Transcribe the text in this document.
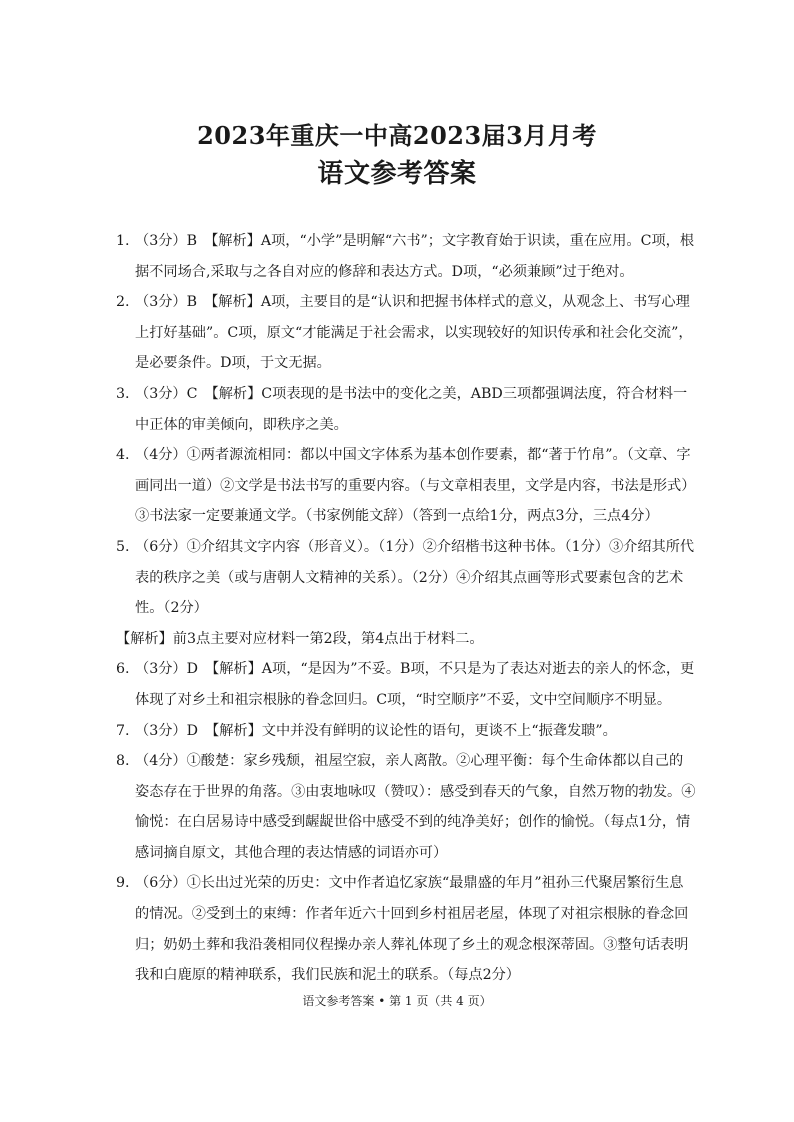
2023年重庆一中高2023届3月月考
语文参考答案
1. （3分）B　【解析】A项，“小学”是明解“六书”；文字教育始于识读，重在应用。C项，根据不同场合,采取与之各自对应的修辞和表达方式。D项，“必须兼顾”过于绝对。
2. （3分）B　【解析】A项，主要目的是“认识和把握书体样式的意义，从观念上、书写心理上打好基础”。C项，原文“才能满足于社会需求，以实现较好的知识传承和社会化交流”，是必要条件。D项，于文无据。
3. （3分）C　【解析】C项表现的是书法中的变化之美，ABD三项都强调法度，符合材料一中正体的审美倾向，即秩序之美。
4. （4分）①两者源流相同：都以中国文字体系为基本创作要素，都“著于竹帛”。（文章、字画同出一道）②文学是书法书写的重要内容。（与文章相表里，文学是内容，书法是形式）③书法家一定要兼通文学。（书家例能文辞）（答到一点给1分，两点3分，三点4分）
5. （6分）①介绍其文字内容（形音义）。（1分）②介绍楷书这种书体。（1分）③介绍其所代表的秩序之美（或与唐朝人文精神的关系）。（2分）④介绍其点画等形式要素包含的艺术性。（2分）
【解析】前3点主要对应材料一第2段，第4点出于材料二。
6. （3分）D　【解析】A项，“是因为”不妥。B项，不只是为了表达对逝去的亲人的怀念，更体现了对乡土和祖宗根脉的眷念回归。C项，“时空顺序”不妥，文中空间顺序不明显。
7. （3分）D　【解析】文中并没有鲜明的议论性的语句，更谈不上“振聋发聩”。
8. （4分）①酸楚：家乡残颓，祖屋空寂，亲人离散。②心理平衡：每个生命体都以自己的姿态存在于世界的角落。③由衷地咏叹（赞叹）：感受到春天的气象，自然万物的勃发。④愉悦：在白居易诗中感受到龌龊世俗中感受不到的纯净美好；创作的愉悦。（每点1分，情感词摘自原文，其他合理的表达情感的词语亦可）
9. （6分）①长出过光荣的历史：文中作者追忆家族“最鼎盛的年月”祖孙三代聚居繁衍生息的情况。②受到土的束缚：作者年近六十回到乡村祖居老屋，体现了对祖宗根脉的眷念回归；奶奶土葬和我沿袭相同仪程操办亲人葬礼体现了乡土的观念根深蒂固。③整句话表明我和白鹿原的精神联系，我们民族和泥土的联系。（每点2分）
语文参考答案 • 第 1 页（共 4 页）
